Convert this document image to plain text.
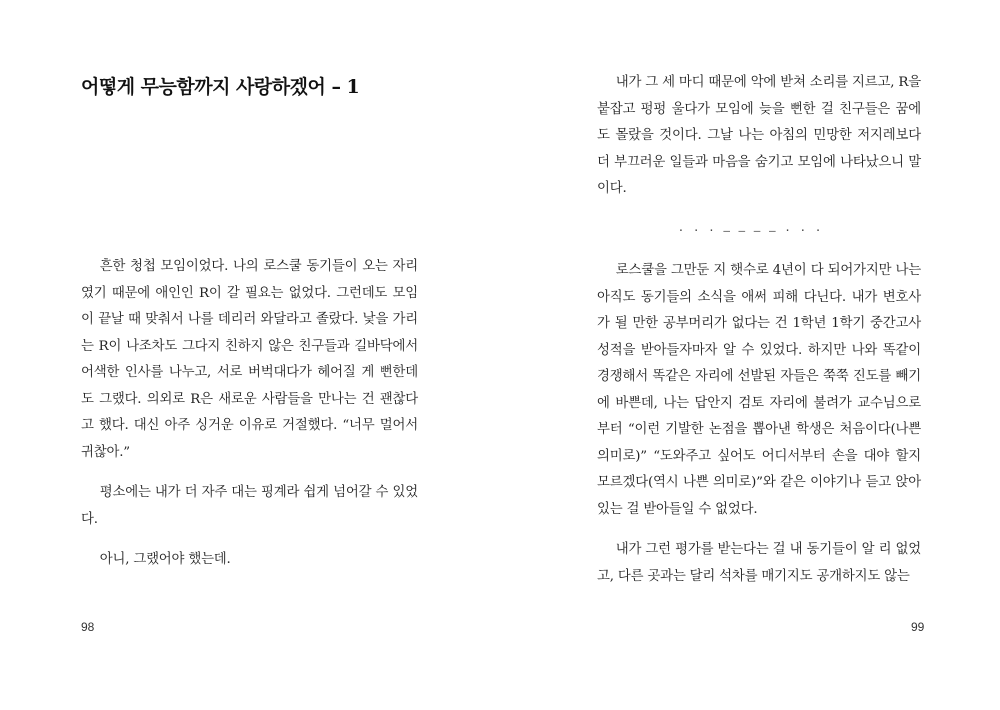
어떻게 무능함까지 사랑하겠어 – 1

흔한 청첩 모임이었다. 나의 로스쿨 동기들이 오는 자리였기 때문에 애인인 R이 갈 필요는 없었다. 그런데도 모임이 끝날 때 맞춰서 나를 데리러 와달라고 졸랐다. 낯을 가리는 R이 나조차도 그다지 친하지 않은 친구들과 길바닥에서 어색한 인사를 나누고, 서로 버벅대다가 헤어질 게 뻔한데도 그랬다. 의외로 R은 새로운 사람들을 만나는 건 괜찮다고 했다. 대신 아주 싱거운 이유로 거절했다. “너무 멀어서 귀찮아.”

평소에는 내가 더 자주 대는 핑계라 쉽게 넘어갈 수 있었다.

아니, 그랬어야 했는데.

98

내가 그 세 마디 때문에 악에 받쳐 소리를 지르고, R을 붙잡고 펑펑 울다가 모임에 늦을 뻔한 걸 친구들은 꿈에도 몰랐을 것이다. 그날 나는 아침의 민망한 저지레보다 더 부끄러운 일들과 마음을 숨기고 모임에 나타났으니 말이다.

· · · – – – – · · ·

로스쿨을 그만둔 지 햇수로 4년이 다 되어가지만 나는 아직도 동기들의 소식을 애써 피해 다닌다. 내가 변호사가 될 만한 공부머리가 없다는 건 1학년 1학기 중간고사 성적을 받아들자마자 알 수 있었다. 하지만 나와 똑같이 경쟁해서 똑같은 자리에 선발된 자들은 쭉쭉 진도를 빼기에 바쁜데, 나는 답안지 검토 자리에 불려가 교수님으로부터 “이런 기발한 논점을 뽑아낸 학생은 처음이다(나쁜 의미로)” “도와주고 싶어도 어디서부터 손을 대야 할지 모르겠다(역시 나쁜 의미로)”와 같은 이야기나 듣고 앉아 있는 걸 받아들일 수 없었다.

내가 그런 평가를 받는다는 걸 내 동기들이 알 리 없었고, 다른 곳과는 달리 석차를 매기지도 공개하지도 않는

99
